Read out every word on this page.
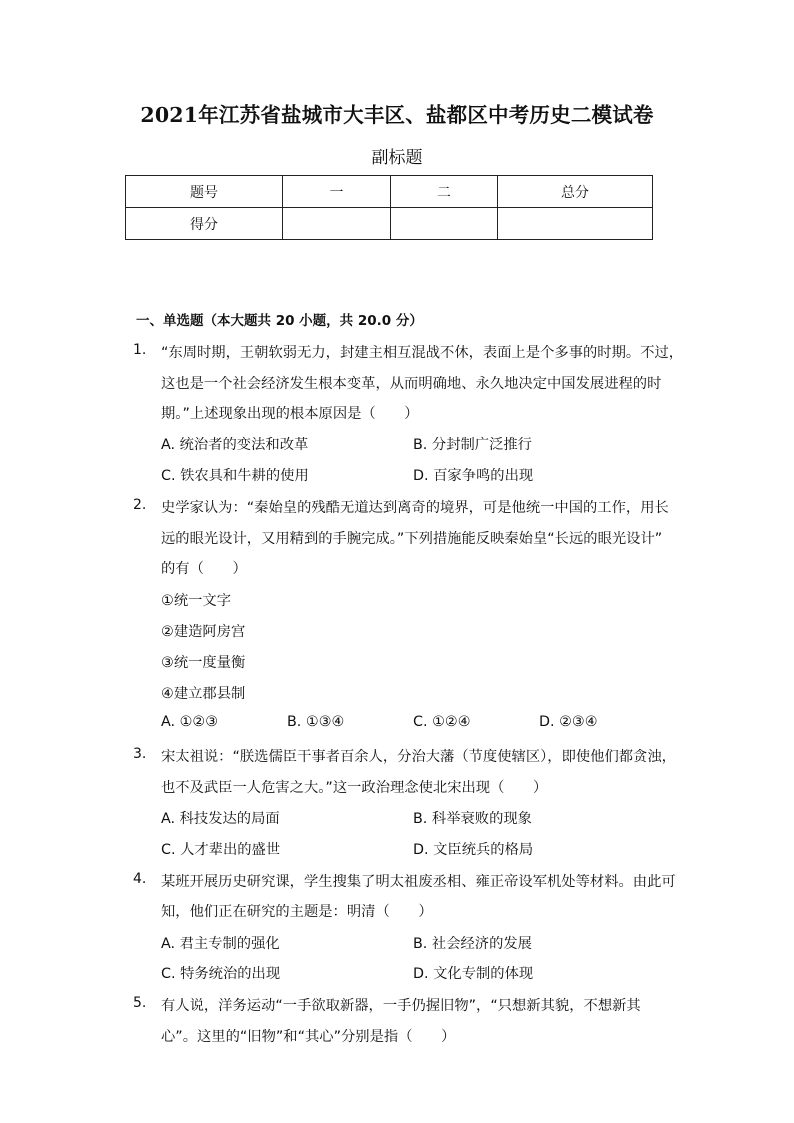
2021年江苏省盐城市大丰区、盐都区中考历史二模试卷
副标题
题号	一	二	总分
得分			
一、单选题（本大题共 20 小题，共 20.0 分）
1. “东周时期，王朝软弱无力，封建主相互混战不休，表面上是个多事的时期。不过，
这也是一个社会经济发生根本变革，从而明确地、永久地决定中国发展进程的时
期。”上述现象出现的根本原因是（　　）
A. 统治者的变法和改革	B. 分封制广泛推行
C. 铁农具和牛耕的使用	D. 百家争鸣的出现
2. 史学家认为：“秦始皇的残酷无道达到离奇的境界，可是他统一中国的工作，用长
远的眼光设计，又用精到的手腕完成。”下列措施能反映秦始皇“长远的眼光设计”
的有（　　）
①统一文字
②建造阿房宫
③统一度量衡
④建立郡县制
A. ①②③	B. ①③④	C. ①②④	D. ②③④
3. 宋太祖说：“朕选儒臣干事者百余人，分治大藩（节度使辖区），即使他们都贪浊，
也不及武臣一人危害之大。”这一政治理念使北宋出现（　　）
A. 科技发达的局面	B. 科举衰败的现象
C. 人才辈出的盛世	D. 文臣统兵的格局
4. 某班开展历史研究课，学生搜集了明太祖废丞相、雍正帝设军机处等材料。由此可
知，他们正在研究的主题是：明清（　　）
A. 君主专制的强化	B. 社会经济的发展
C. 特务统治的出现	D. 文化专制的体现
5. 有人说，洋务运动“一手欲取新器，一手仍握旧物”，“只想新其貌，不想新其
心”。这里的“旧物”和“其心”分别是指（　　）
